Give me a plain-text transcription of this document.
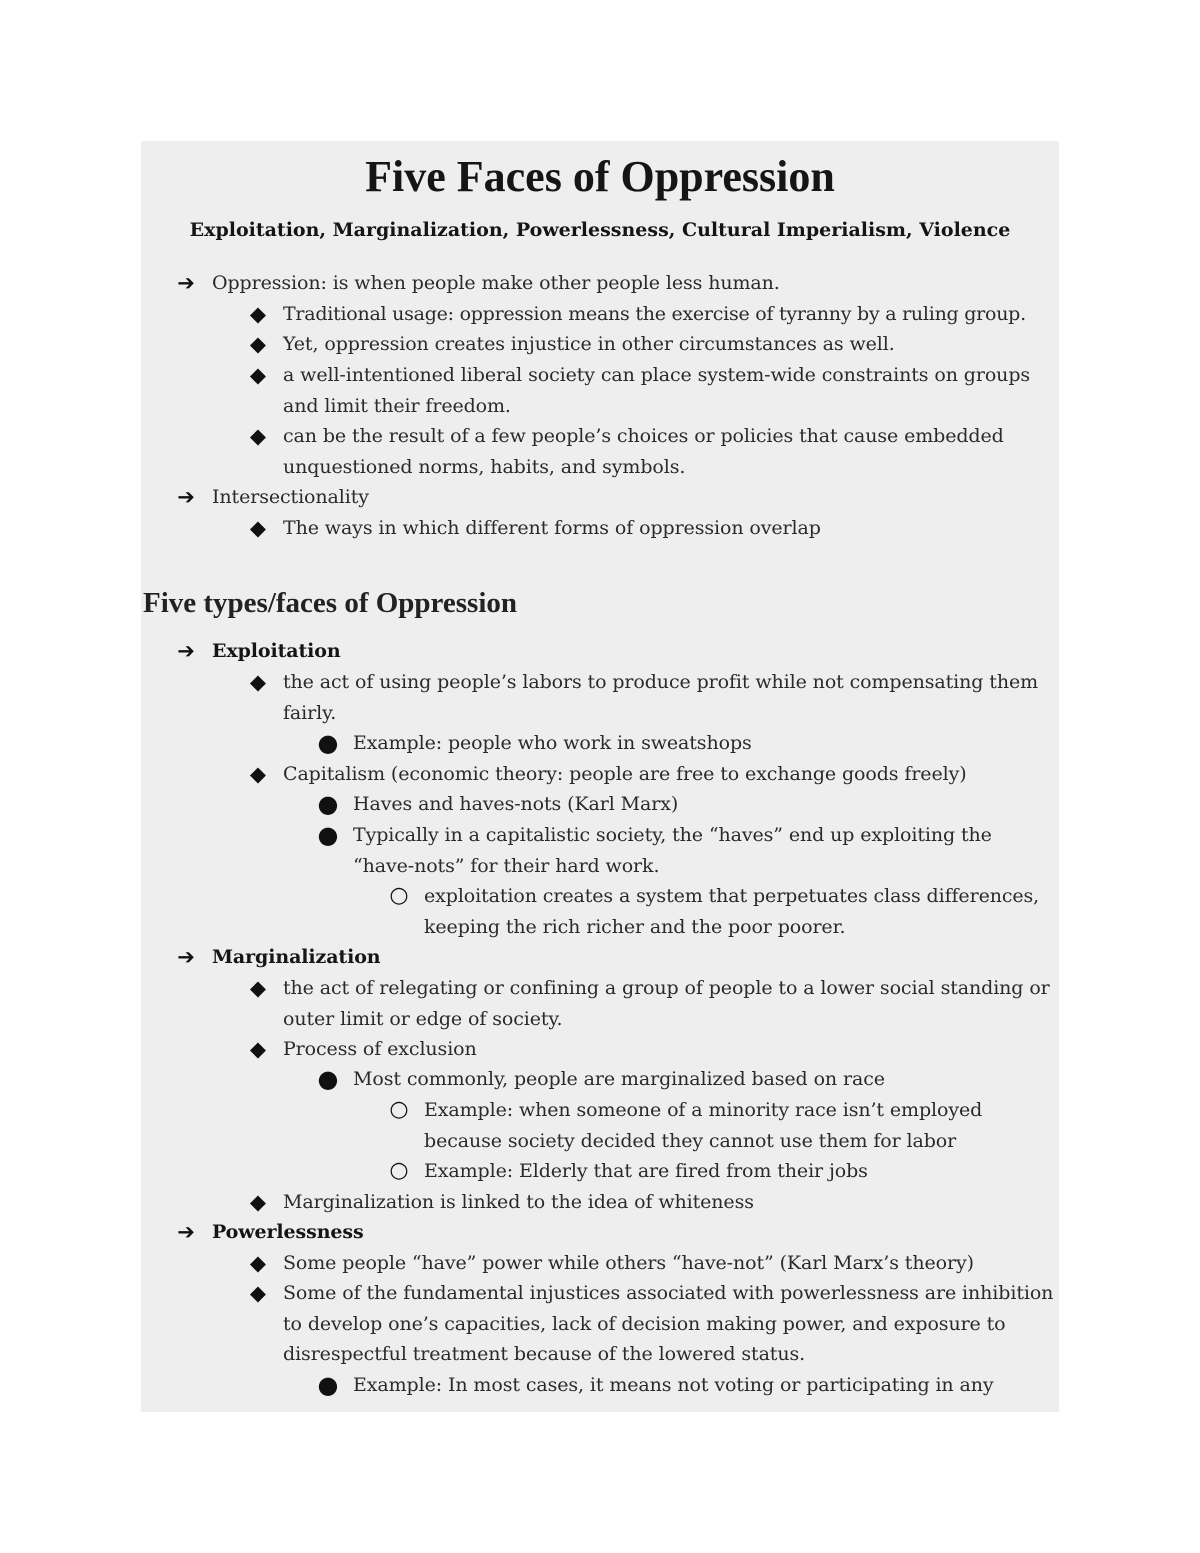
Five Faces of Oppression
Exploitation, Marginalization, Powerlessness, Cultural Imperialism, Violence
➔ Oppression: is when people make other people less human.
◆ Traditional usage: oppression means the exercise of tyranny by a ruling group.
◆ Yet, oppression creates injustice in other circumstances as well.
◆ a well-intentioned liberal society can place system-wide constraints on groups and limit their freedom.
◆ can be the result of a few people’s choices or policies that cause embedded unquestioned norms, habits, and symbols.
➔ Intersectionality
◆ The ways in which different forms of oppression overlap
Five types/faces of Oppression
➔ Exploitation
◆ the act of using people’s labors to produce profit while not compensating them fairly.
● Example: people who work in sweatshops
◆ Capitalism (economic theory: people are free to exchange goods freely)
● Haves and haves-nots (Karl Marx)
● Typically in a capitalistic society, the “haves” end up exploiting the “have-nots” for their hard work.
○ exploitation creates a system that perpetuates class differences, keeping the rich richer and the poor poorer.
➔ Marginalization
◆ the act of relegating or confining a group of people to a lower social standing or outer limit or edge of society.
◆ Process of exclusion
● Most commonly, people are marginalized based on race
○ Example: when someone of a minority race isn’t employed because society decided they cannot use them for labor
○ Example: Elderly that are fired from their jobs
◆ Marginalization is linked to the idea of whiteness
➔ Powerlessness
◆ Some people “have” power while others “have-not” (Karl Marx’s theory)
◆ Some of the fundamental injustices associated with powerlessness are inhibition to develop one’s capacities, lack of decision making power, and exposure to disrespectful treatment because of the lowered status.
● Example: In most cases, it means not voting or participating in any
